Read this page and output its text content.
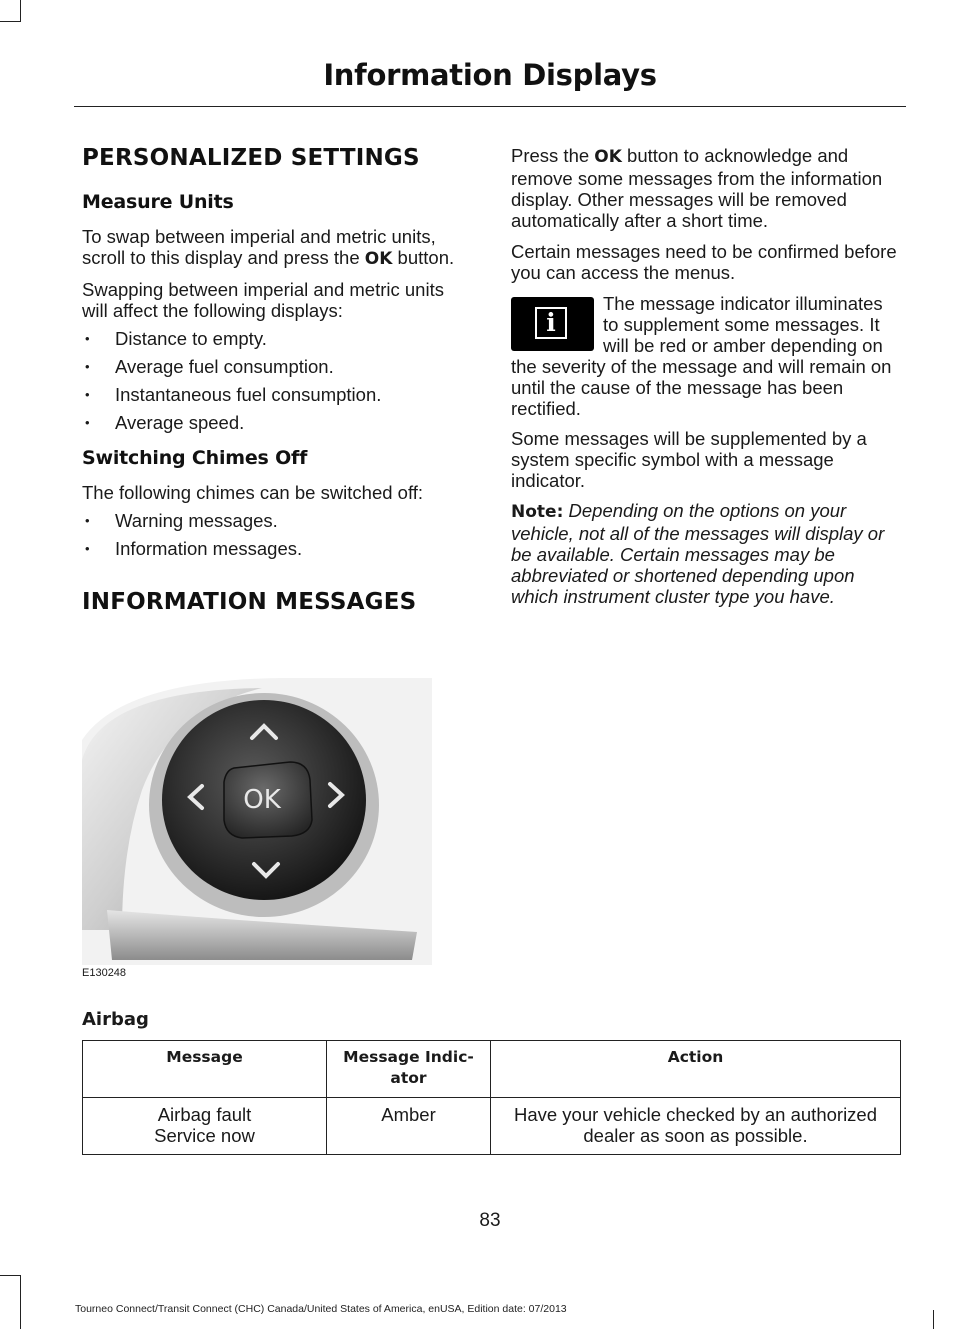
Information Displays
PERSONALIZED SETTINGS
Measure Units

To swap between imperial and metric units, scroll to this display and press the OK button.

Swapping between imperial and metric units will affect the following displays:

• Distance to empty.
• Average fuel consumption.
• Instantaneous fuel consumption.
• Average speed.
Switching Chimes Off

The following chimes can be switched off:

• Warning messages.
• Information messages.
INFORMATION MESSAGES

Press the OK button to acknowledge and remove some messages from the information display. Other messages will be removed automatically after a short time.

Certain messages need to be confirmed before you can access the menus.

i

The message indicator illuminates to supplement some messages. It will be red or amber depending on the severity of the message and will remain on until the cause of the message has been rectified.

Some messages will be supplemented by a system specific symbol with a message indicator.

Note: Depending on the options on your vehicle, not all of the messages will display or be available. Certain messages may be abbreviated or shortened depending upon which instrument cluster type you have.

OK
E130248
Airbag
Message	Message Indic-ator	Action

Airbag fault
Service now	Amber	Have your vehicle checked by an authorized dealer as soon as possible.
83
Tourneo Connect/Transit Connect (CHC) Canada/United States of America, enUSA, Edition date: 07/2013
